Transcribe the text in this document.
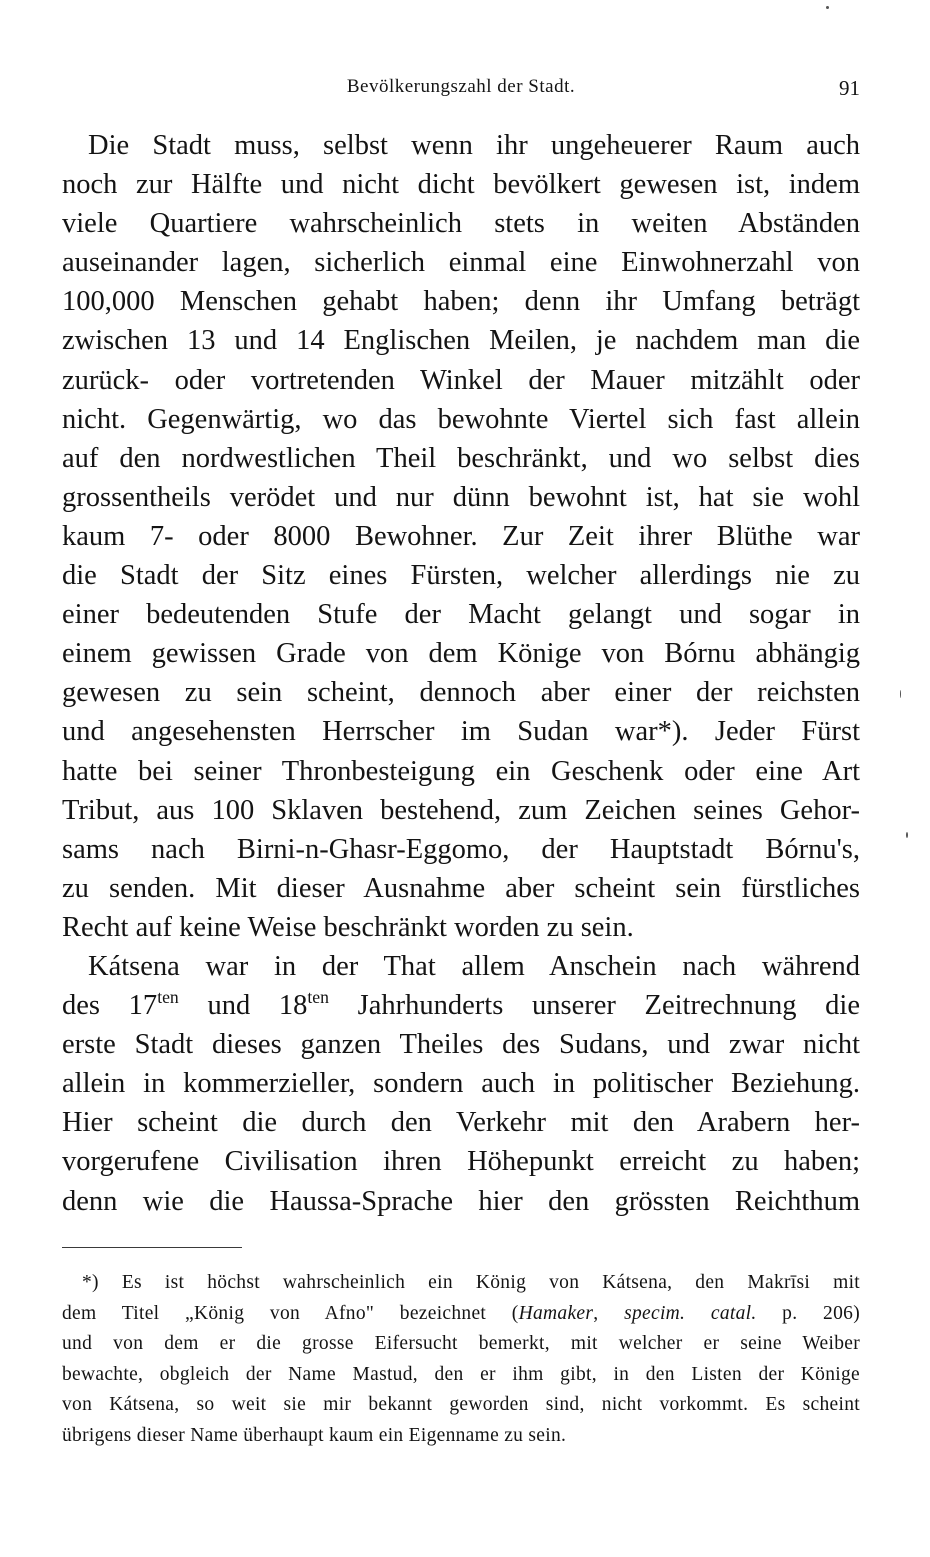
Bevölkerungszahl der Stadt.	91
Die Stadt muss, selbst wenn ihr ungeheuerer Raum auch
noch zur Hälfte und nicht dicht bevölkert gewesen ist, indem
viele Quartiere wahrscheinlich stets in weiten Abständen
auseinander lagen, sicherlich einmal eine Einwohnerzahl von
100,000 Menschen gehabt haben; denn ihr Umfang beträgt
zwischen 13 und 14 Englischen Meilen, je nachdem man die
zurück- oder vortretenden Winkel der Mauer mitzählt oder
nicht. Gegenwärtig, wo das bewohnte Viertel sich fast allein
auf den nordwestlichen Theil beschränkt, und wo selbst dies
grossentheils verödet und nur dünn bewohnt ist, hat sie wohl
kaum 7- oder 8000 Bewohner. Zur Zeit ihrer Blüthe war
die Stadt der Sitz eines Fürsten, welcher allerdings nie zu
einer bedeutenden Stufe der Macht gelangt und sogar in
einem gewissen Grade von dem Könige von Bórnu abhängig
gewesen zu sein scheint, dennoch aber einer der reichsten
und angesehensten Herrscher im Sudan war*). Jeder Fürst
hatte bei seiner Thronbesteigung ein Geschenk oder eine Art
Tribut, aus 100 Sklaven bestehend, zum Zeichen seines Gehor-
sams nach Birni-n-Ghasr-Eggomo, der Hauptstadt Bórnu's,
zu senden. Mit dieser Ausnahme aber scheint sein fürstliches
Recht auf keine Weise beschränkt worden zu sein.
Kátsena war in der That allem Anschein nach während
des $17^{ten}$ und $18^{ten}$ Jahrhunderts unserer Zeitrechnung die
erste Stadt dieses ganzen Theiles des Sudans, und zwar nicht
allein in kommerzieller, sondern auch in politischer Beziehung.
Hier scheint die durch den Verkehr mit den Arabern her-
vorgerufene Civilisation ihren Höhepunkt erreicht zu haben;
denn wie die Haussa-Sprache hier den grössten Reichthum
*) Es ist höchst wahrscheinlich ein König von Kátsena, den Makrīsi mit
dem Titel „König von Afno" bezeichnet (Hamaker, specim. catal. p. 206)
und von dem er die grosse Eifersucht bemerkt, mit welcher er seine Weiber
bewachte, obgleich der Name Mastud, den er ihm gibt, in den Listen der Könige
von Kátsena, so weit sie mir bekannt geworden sind, nicht vorkommt. Es scheint
übrigens dieser Name überhaupt kaum ein Eigenname zu sein.
